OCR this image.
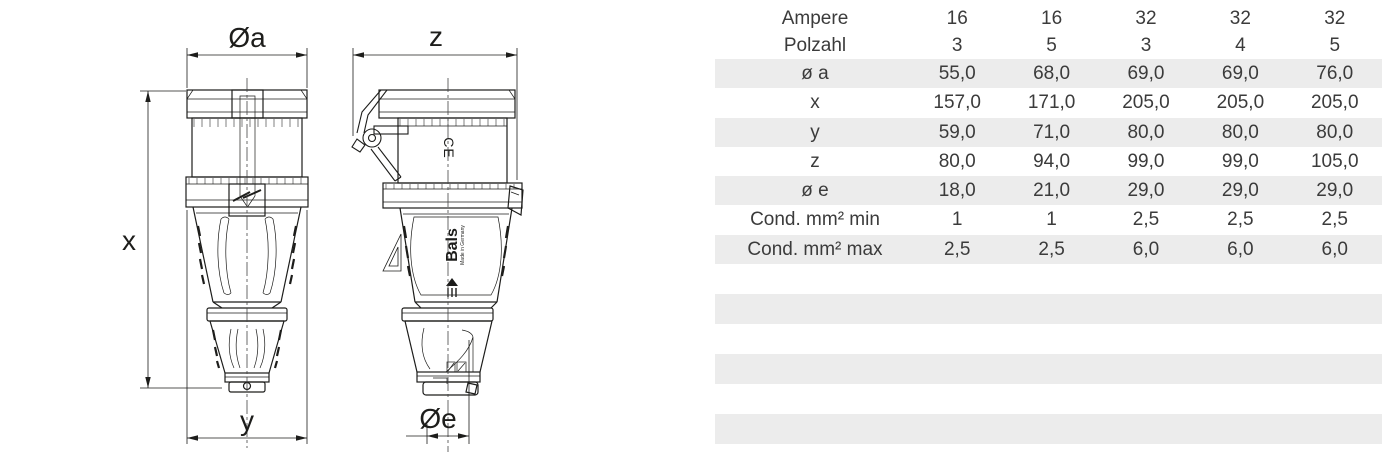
CE
Bals Made in Germany
Øa	z
x
y	Øe
Ampere	16	16	32	32	32
Polzahl	3	5	3	4	5
ø a	55,0	68,0	69,0	69,0	76,0
x	157,0	171,0	205,0	205,0	205,0
y	59,0	71,0	80,0	80,0	80,0
z	80,0	94,0	99,0	99,0	105,0
ø e	18,0	21,0	29,0	29,0	29,0
Cond. mm² min	1	1	2,5	2,5	2,5
Cond. mm² max	2,5	2,5	6,0	6,0	6,0
